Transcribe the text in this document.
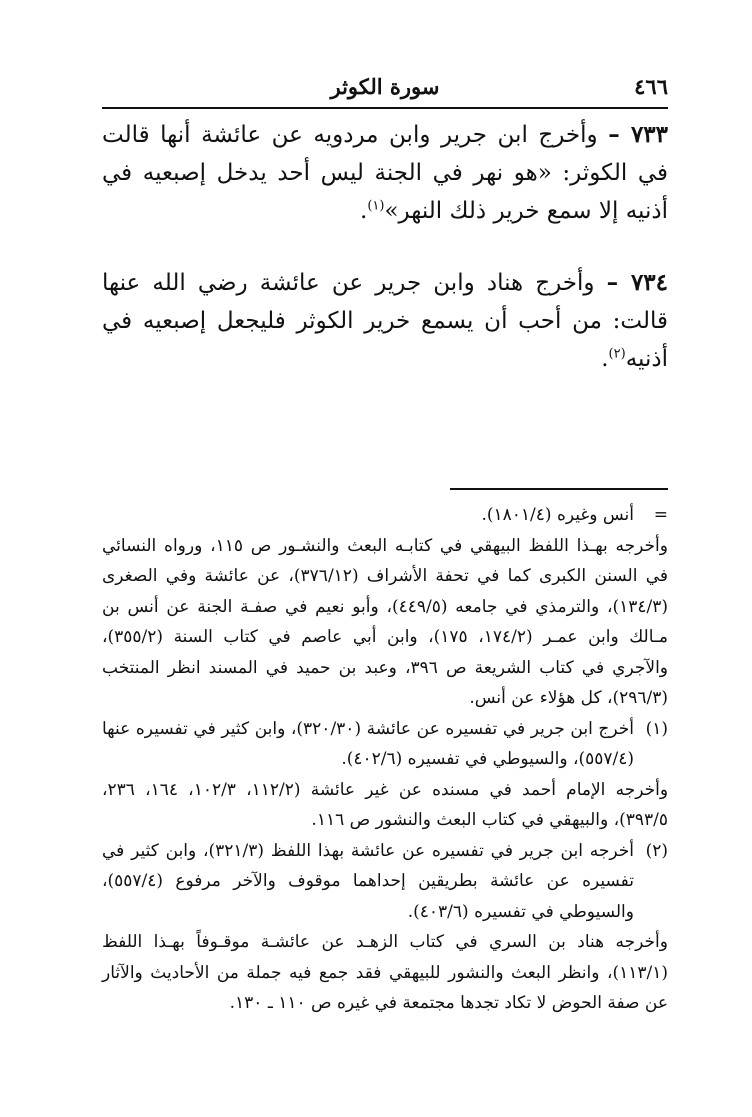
٤٦٦
سورة الكوثر

٧٣٣ – وأخرج ابن جرير وابن مردويه عن عائشة أنها قالت في الكوثر: «هو نهر في الجنة ليس أحد يدخل إصبعيه في أذنيه إلا سمع خرير ذلك النهر»$^{(١)}$.

٧٣٤ – وأخرج هناد وابن جرير عن عائشة رضي الله عنها قالت: من أحب أن يسمع خرير الكوثر فليجعل إصبعيه في أذنيه$^{(٢)}$.

=
أنس وغيره (١٨٠١/٤).

وأخرجه بهـذا اللفظ البيهقي في كتابـه البعث والنشـور ص ١١٥، ورواه النسائي في السنن الكبرى كما في تحفة الأشراف (٣٧٦/١٢)، عن عائشة وفي الصغرى (١٣٤/٣)، والترمذي في جامعه (٤٤٩/٥)، وأبو نعيم في صفـة الجنة عن أنس بن مـالك وابن عمـر (١٧٤/٢، ١٧٥)، وابن أبي عاصم في كتاب السنة (٣٥٥/٢)، والآجري في كتاب الشريعة ص ٣٩٦، وعبد بن حميد في المسند انظر المنتخب (٢٩٦/٣)، كل هؤلاء عن أنس.

(١)

أخرج ابن جرير في تفسيره عن عائشة (٣٢٠/٣٠)، وابن كثير في تفسيره عنها (٥٥٧/٤)، والسيوطي في تفسيره (٤٠٢/٦).

وأخرجه الإمام أحمد في مسنده عن غير عائشة (١١٢/٢، ١٠٢/٣، ١٦٤، ٢٣٦، ٣٩٣/٥)، والبيهقي في كتاب البعث والنشور ص ١١٦.

(٢)

أخرجه ابن جرير في تفسيره عن عائشة بهذا اللفظ (٣٢١/٣)، وابن كثير في تفسيره عن عائشة بطريقين إحداهما موقوف والآخر مرفوع (٥٥٧/٤)، والسيوطي في تفسيره (٤٠٣/٦).

وأخرجه هناد بن السري في كتاب الزهـد عن عائشـة موقـوفاً بهـذا اللفظ (١١٣/١)، وانظر البعث والنشور للبيهقي فقد جمع فيه جملة من الأحاديث والآثار عن صفة الحوض لا تكاد تجدها مجتمعة في غيره ص ١١٠ ـ ١٣٠.
